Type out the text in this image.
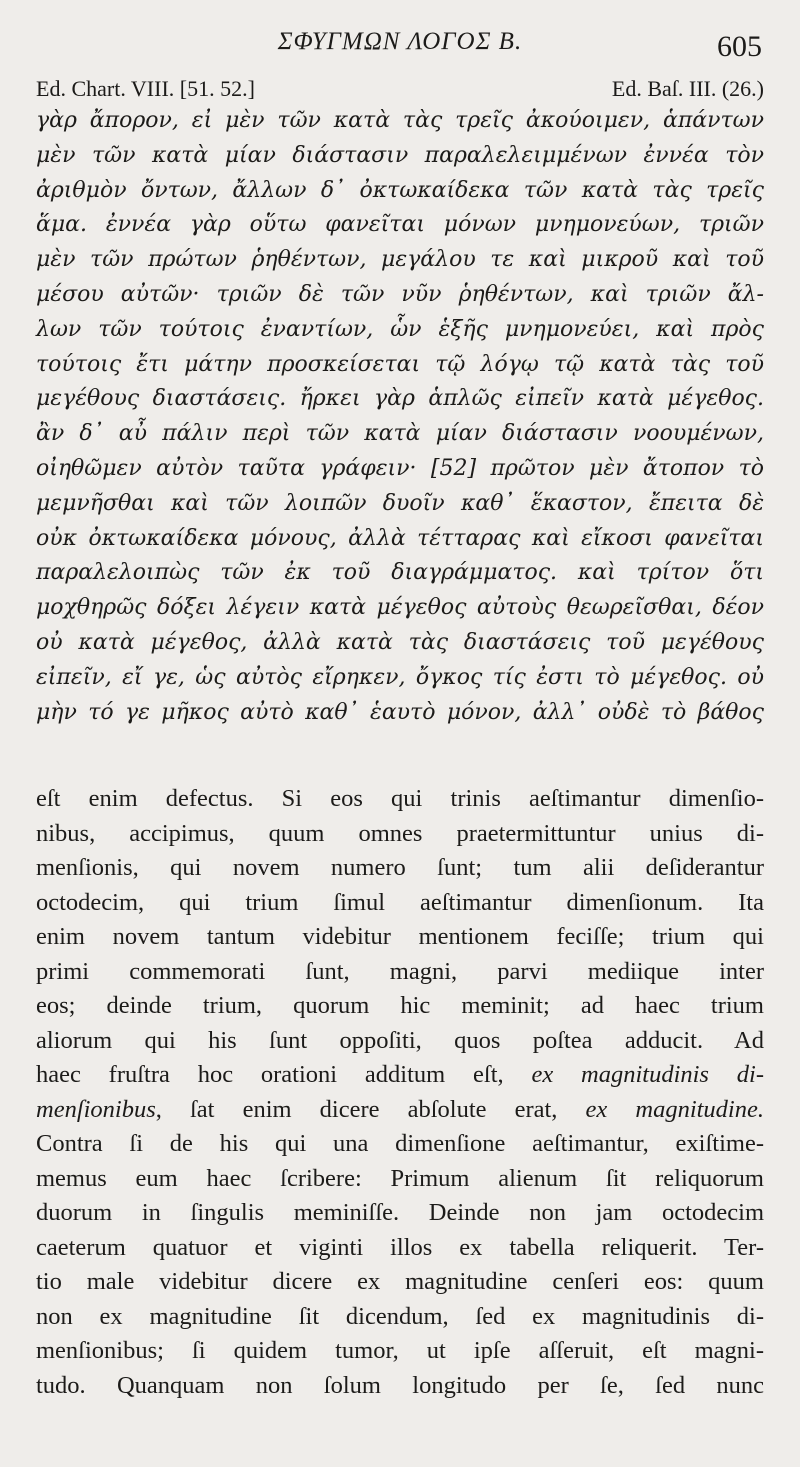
ΣΦΥΓΜΩΝ ΛΟΓΟΣ Β.	605
Ed. Chart. VIII. [51. 52.]	Ed. Baſ. III. (26.)
γὰρ ἄπορον, εἰ μὲν τῶν κατὰ τὰς τρεῖς ἀκούοιμεν, ἁπάντων
μὲν τῶν κατὰ μίαν διάστασιν παραλελειμμένων ἐννέα τὸν
ἀριθμὸν ὄντων, ἄλλων δ᾽ ὀκτωκαίδεκα τῶν κατὰ τὰς τρεῖς
ἅμα. ἐννέα γὰρ οὕτω φανεῖται μόνων μνημονεύων, τριῶν
μὲν τῶν πρώτων ῥηθέντων, μεγάλου τε καὶ μικροῦ καὶ τοῦ
μέσου αὐτῶν· τριῶν δὲ τῶν νῦν ῥηθέντων, καὶ τριῶν ἄλ-
λων τῶν τούτοις ἐναντίων, ὧν ἑξῆς μνημονεύει, καὶ πρὸς
τούτοις ἔτι μάτην προσκείσεται τῷ λόγῳ τῷ κατὰ τὰς τοῦ
μεγέθους διαστάσεις. ἤρκει γὰρ ἁπλῶς εἰπεῖν κατὰ μέγεθος.
ἂν δ᾽ αὖ πάλιν περὶ τῶν κατὰ μίαν διάστασιν νοουμένων,
οἰηθῶμεν αὐτὸν ταῦτα γράφειν· [52] πρῶτον μὲν ἄτοπον τὸ
μεμνῆσθαι καὶ τῶν λοιπῶν δυοῖν καθ᾽ ἕκαστον, ἔπειτα δὲ
οὐκ ὀκτωκαίδεκα μόνους, ἀλλὰ τέτταρας καὶ εἴκοσι φανεῖται
παραλελοιπὼς τῶν ἐκ τοῦ διαγράμματος. καὶ τρίτον ὅτι
μοχθηρῶς δόξει λέγειν κατὰ μέγεθος αὐτοὺς θεωρεῖσθαι, δέον
οὐ κατὰ μέγεθος, ἀλλὰ κατὰ τὰς διαστάσεις τοῦ μεγέθους
εἰπεῖν, εἴ γε, ὡς αὐτὸς εἴρηκεν, ὄγκος τίς ἐστι τὸ μέγεθος. οὐ
μὴν τό γε μῆκος αὐτὸ καθ᾽ ἑαυτὸ μόνον, ἀλλ᾽ οὐδὲ τὸ βάθος
eſt enim defectus. Si eos qui trinis aeſtimantur dimenſio-
nibus, accipimus, quum omnes praetermittuntur unius di-
menſionis, qui novem numero ſunt; tum alii deſiderantur
octodecim, qui trium ſimul aeſtimantur dimenſionum. Ita
enim novem tantum videbitur mentionem feciſſe; trium qui
primi commemorati ſunt, magni, parvi mediique inter
eos; deinde trium, quorum hic meminit; ad haec trium
aliorum qui his ſunt oppoſiti, quos poſtea adducit. Ad
haec fruſtra hoc orationi additum eſt, ex magnitudinis di-
menſionibus, ſat enim dicere abſolute erat, ex magnitudine.
Contra ſi de his qui una dimenſione aeſtimantur, exiſtime-
memus eum haec ſcribere: Primum alienum ſit reliquorum
duorum in ſingulis meminiſſe. Deinde non jam octodecim
caeterum quatuor et viginti illos ex tabella reliquerit. Ter-
tio male videbitur dicere ex magnitudine cenſeri eos: quum
non ex magnitudine ſit dicendum, ſed ex magnitudinis di-
menſionibus; ſi quidem tumor, ut ipſe aſſeruit, eſt magni-
tudo. Quanquam non ſolum longitudo per ſe, ſed nunc
